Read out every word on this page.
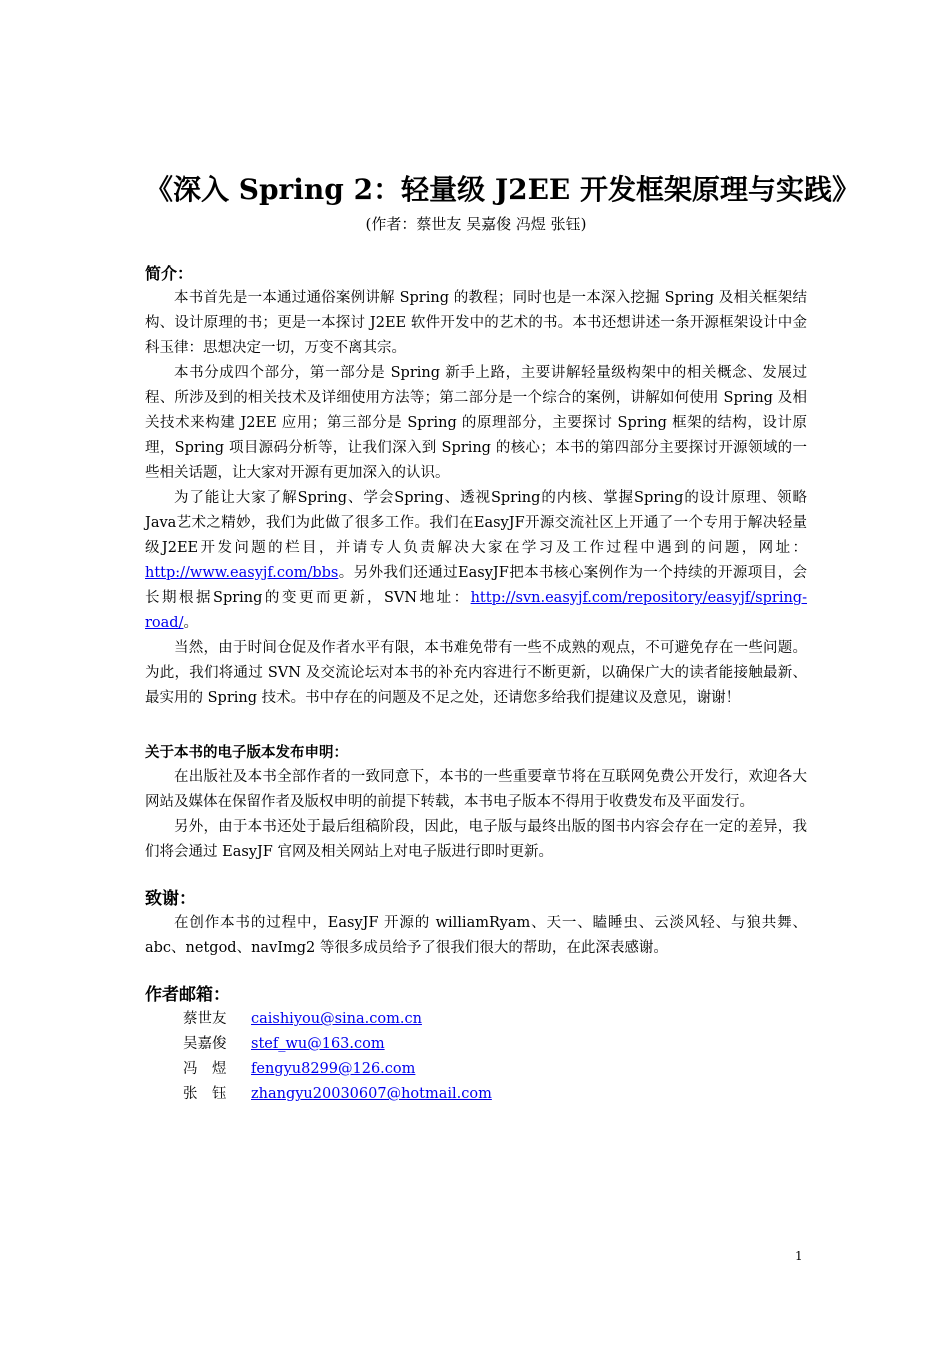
《深入 Spring 2：轻量级 J2EE 开发框架原理与实践》

(作者：蔡世友 吴嘉俊 冯煜 张钰)

简介：

本书首先是一本通过通俗案例讲解 Spring 的教程；同时也是一本深入挖掘 Spring 及相关框架结构、设计原理的书；更是一本探讨 J2EE 软件开发中的艺术的书。本书还想讲述一条开源框架设计中金科玉律：思想决定一切，万变不离其宗。

本书分成四个部分，第一部分是 Spring 新手上路，主要讲解轻量级构架中的相关概念、发展过程、所涉及到的相关技术及详细使用方法等；第二部分是一个综合的案例，讲解如何使用 Spring 及相关技术来构建 J2EE 应用；第三部分是 Spring 的原理部分，主要探讨 Spring 框架的结构，设计原理，Spring 项目源码分析等，让我们深入到 Spring 的核心；本书的第四部分主要探讨开源领域的一些相关话题，让大家对开源有更加深入的认识。

为了能让大家了解Spring、学会Spring、透视Spring的内核、掌握Spring的设计原理、领略Java艺术之精妙，我们为此做了很多工作。我们在EasyJF开源交流社区上开通了一个专用于解决轻量级J2EE开发问题的栏目，并请专人负责解决大家在学习及工作过程中遇到的问题，网址：http://www.easyjf.com/bbs。另外我们还通过EasyJF把本书核心案例作为一个持续的开源项目，会长期根据Spring的变更而更新，SVN地址：http://svn.easyjf.com/repository/easyjf/spring-road/。

当然，由于时间仓促及作者水平有限，本书难免带有一些不成熟的观点，不可避免存在一些问题。为此，我们将通过 SVN 及交流论坛对本书的补充内容进行不断更新，以确保广大的读者能接触最新、最实用的 Spring 技术。书中存在的问题及不足之处，还请您多给我们提建议及意见，谢谢！

关于本书的电子版本发布申明：

在出版社及本书全部作者的一致同意下，本书的一些重要章节将在互联网免费公开发行，欢迎各大网站及媒体在保留作者及版权申明的前提下转载，本书电子版本不得用于收费发布及平面发行。

另外，由于本书还处于最后组稿阶段，因此，电子版与最终出版的图书内容会存在一定的差异，我们将会通过 EasyJF 官网及相关网站上对电子版进行即时更新。

致谢：

在创作本书的过程中，EasyJF 开源的 williamRyam、天一、瞌睡虫、云淡风轻、与狼共舞、abc、netgod、navImg2 等很多成员给予了很我们很大的帮助，在此深表感谢。

作者邮箱：
蔡世友	caishiyou@sina.com.cn
吴嘉俊	stef_wu@163.com
冯　煜	fengyu8299@126.com
张　钰	zhangyu20030607@hotmail.com
1
